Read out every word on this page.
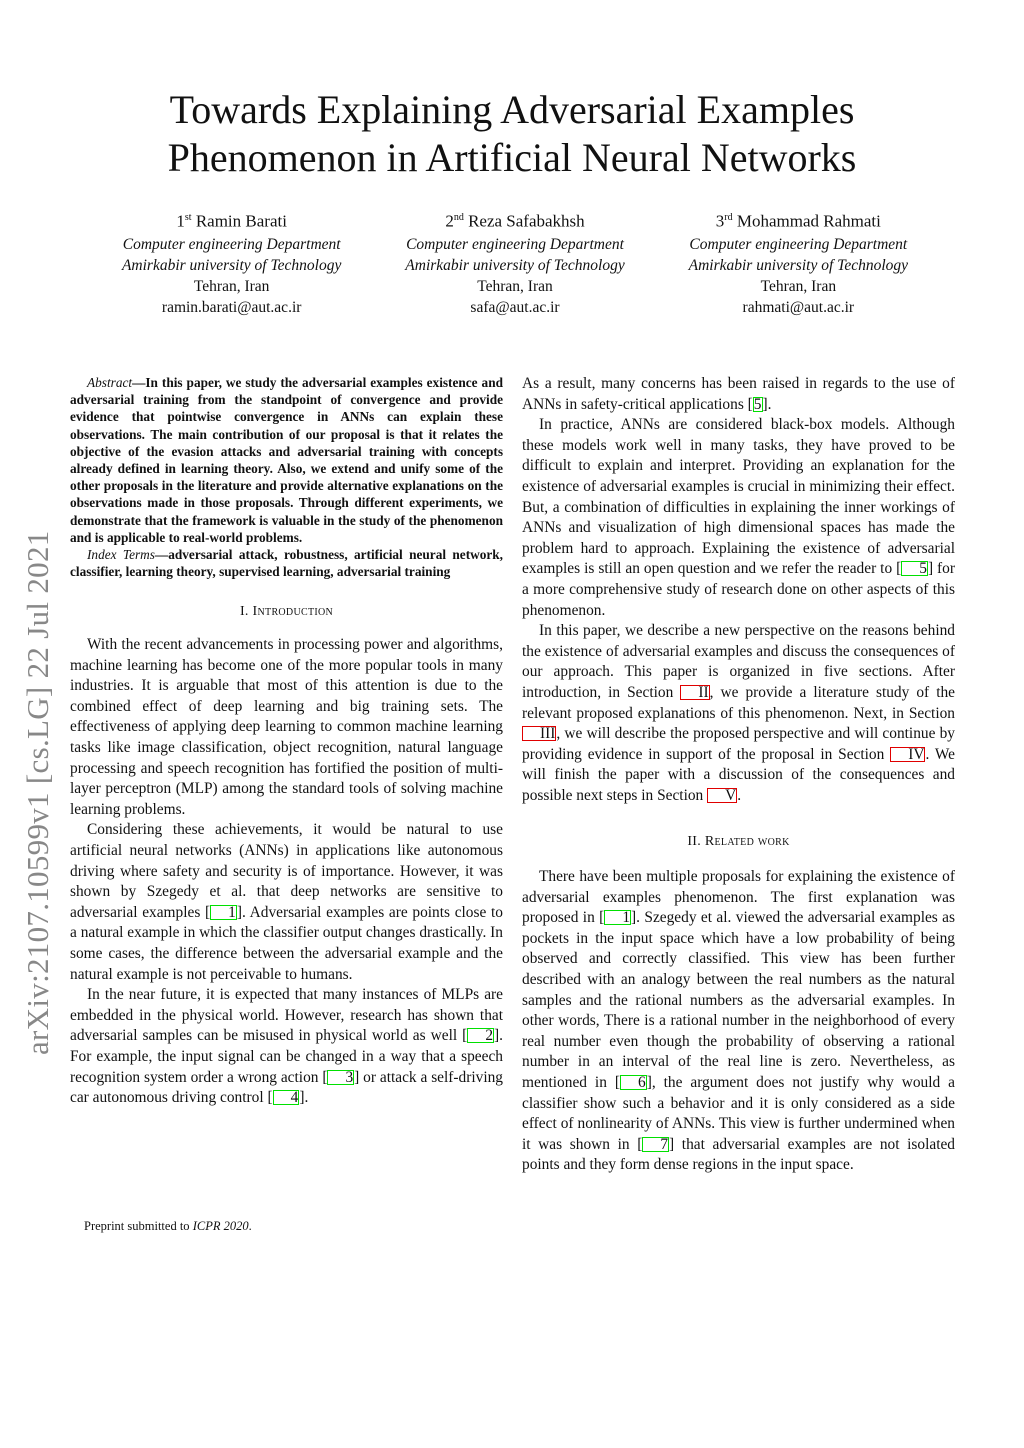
Towards Explaining Adversarial Examples
Phenomenon in Artificial Neural Networks
1st Ramin Barati
Computer engineering Department
Amirkabir university of Technology
Tehran, Iran
ramin.barati@aut.ac.ir
2nd Reza Safabakhsh
Computer engineering Department
Amirkabir university of Technology
Tehran, Iran
safa@aut.ac.ir
3rd Mohammad Rahmati
Computer engineering Department
Amirkabir university of Technology
Tehran, Iran
rahmati@aut.ac.ir
arXiv:2107.10599v1 [cs.LG] 22 Jul 2021

Abstract—In this paper, we study the adversarial examples existence and adversarial training from the standpoint of convergence and provide evidence that pointwise convergence in ANNs can explain these observations. The main contribution of our proposal is that it relates the objective of the evasion attacks and adversarial training with concepts already defined in learning theory. Also, we extend and unify some of the other proposals in the literature and provide alternative explanations on the observations made in those proposals. Through different experiments, we demonstrate that the framework is valuable in the study of the phenomenon and is applicable to real-world problems.

Index Terms—adversarial attack, robustness, artificial neural network, classifier, learning theory, supervised learning, adversarial training

I. Introduction

With the recent advancements in processing power and algorithms, machine learning has become one of the more popular tools in many industries. It is arguable that most of this attention is due to the combined effect of deep learning and big training sets. The effectiveness of applying deep learning to common machine learning tasks like image classification, object recognition, natural language processing and speech recognition has fortified the position of multi-layer perceptron (MLP) among the standard tools of solving machine learning problems.

Considering these achievements, it would be natural to use artificial neural networks (ANNs) in applications like autonomous driving where safety and security is of importance. However, it was shown by Szegedy et al. that deep networks are sensitive to adversarial examples [ 1]. Adversarial examples are points close to a natural example in which the classifier output changes drastically. In some cases, the difference between the adversarial example and the natural example is not perceivable to humans.

In the near future, it is expected that many instances of MLPs are embedded in the physical world. However, research has shown that adversarial samples can be misused in physical world as well [ 2]. For example, the input signal can be changed in a way that a speech recognition system order a wrong action [ 3] or attack a self-driving car autonomous driving control [ 4].

As a result, many concerns has been raised in regards to the use of ANNs in safety-critical applications [5].

In practice, ANNs are considered black-box models. Although these models work well in many tasks, they have proved to be difficult to explain and interpret. Providing an explanation for the existence of adversarial examples is crucial in minimizing their effect. But, a combination of difficulties in explaining the inner workings of ANNs and visualization of high dimensional spaces has made the problem hard to approach. Explaining the existence of adversarial examples is still an open question and we refer the reader to [ 5] for a more comprehensive study of research done on other aspects of this phenomenon.

In this paper, we describe a new perspective on the reasons behind the existence of adversarial examples and discuss the consequences of our approach. This paper is organized in five sections. After introduction, in Section II, we provide a literature study of the relevant proposed explanations of this phenomenon. Next, in Section III, we will describe the proposed perspective and will continue by providing evidence in support of the proposal in Section IV. We will finish the paper with a discussion of the consequences and possible next steps in Section V.

II. Related work

There have been multiple proposals for explaining the existence of adversarial examples phenomenon. The first explanation was proposed in [ 1]. Szegedy et al. viewed the adversarial examples as pockets in the input space which have a low probability of being observed and correctly classified. This view has been further described with an analogy between the real numbers as the natural samples and the rational numbers as the adversarial examples. In other words, There is a rational number in the neighborhood of every real number even though the probability of observing a rational number in an interval of the real line is zero. Nevertheless, as mentioned in [ 6], the argument does not justify why would a classifier show such a behavior and it is only considered as a side effect of nonlinearity of ANNs. This view is further undermined when it was shown in [ 7] that adversarial examples are not isolated points and they form dense regions in the input space.

Preprint submitted to ICPR 2020.
